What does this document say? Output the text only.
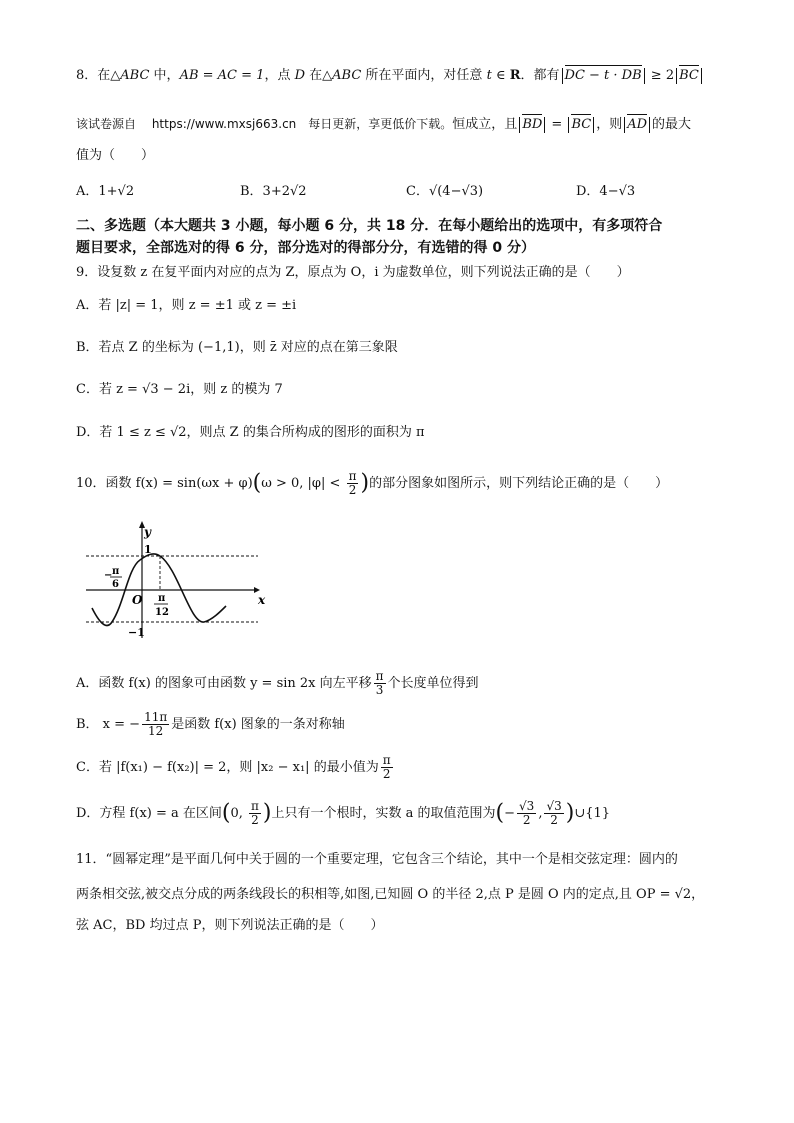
8．在△ABC 中，AB = AC = 1，点 D 在△ABC 所在平面内，对任意 t ∈ R．都有 DC − t · DB ≥ 2 BC
该试卷源自　 https://www.mxsj663.cn　每日更新，享更低价下载。恒成立，且 BD =
BC ，则 AD 的最大
值为（　　）
A．1+√2	B．3+2√2	C．√(4−√3)	D．4−√3
二、多选题（本大题共 3 小题，每小题 6 分，共 18 分．在每小题给出的选项中，有多项符合
题目要求，全部选对的得 6 分，部分选对的得部分分，有选错的得 0 分）
9．设复数 z 在复平面内对应的点为 Z，原点为 O，i 为虚数单位，则下列说法正确的是（　　）
A．若 |z| = 1，则 z = ±1 或 z = ±i
B．若点 Z 的坐标为 (−1,1)，则 z̄ 对应的点在第三象限
C．若 z = √3 − 2i，则 z 的模为 7
D．若 1 ≤ z ≤ √2，则点 Z 的集合所构成的图形的面积为 π
10．函数 f(x) = sin(ωx + φ)(ω > 0, $|\varphi| < \frac{\pi}{2}$ )的部分图象如图所示，则下列结论正确的是（　　）
y
x
1
−1
O
− π
6
π
12
A．函数 f(x) 的图象可由函数 y = sin 2x 向左平移 $\frac{\pi}{3}$ 个长度单位得到
B． x = − $\frac{11\pi}{12}$ 是函数 f(x) 图象的一条对称轴
C．若 |f(x₁) − f(x₂)| = 2，则 |x₂ − x₁| 的最小值为 $\frac{\pi}{2}$
D．方程 f(x) = a 在区间(0, $\frac{\pi}{2}$ )上只有一个根时，实数 a 的取值范围为(− $\frac{√3}{2}$ , $\frac{√3}{2}$ )∪{1}
11．“圆幂定理”是平面几何中关于圆的一个重要定理，它包含三个结论，其中一个是相交弦定理：圆内的
两条相交弦,被交点分成的两条线段长的积相等,如图,已知圆 O 的半径 2,点 P 是圆 O 内的定点,且 OP = √2，
弦 AC，BD 均过点 P，则下列说法正确的是（　　）
